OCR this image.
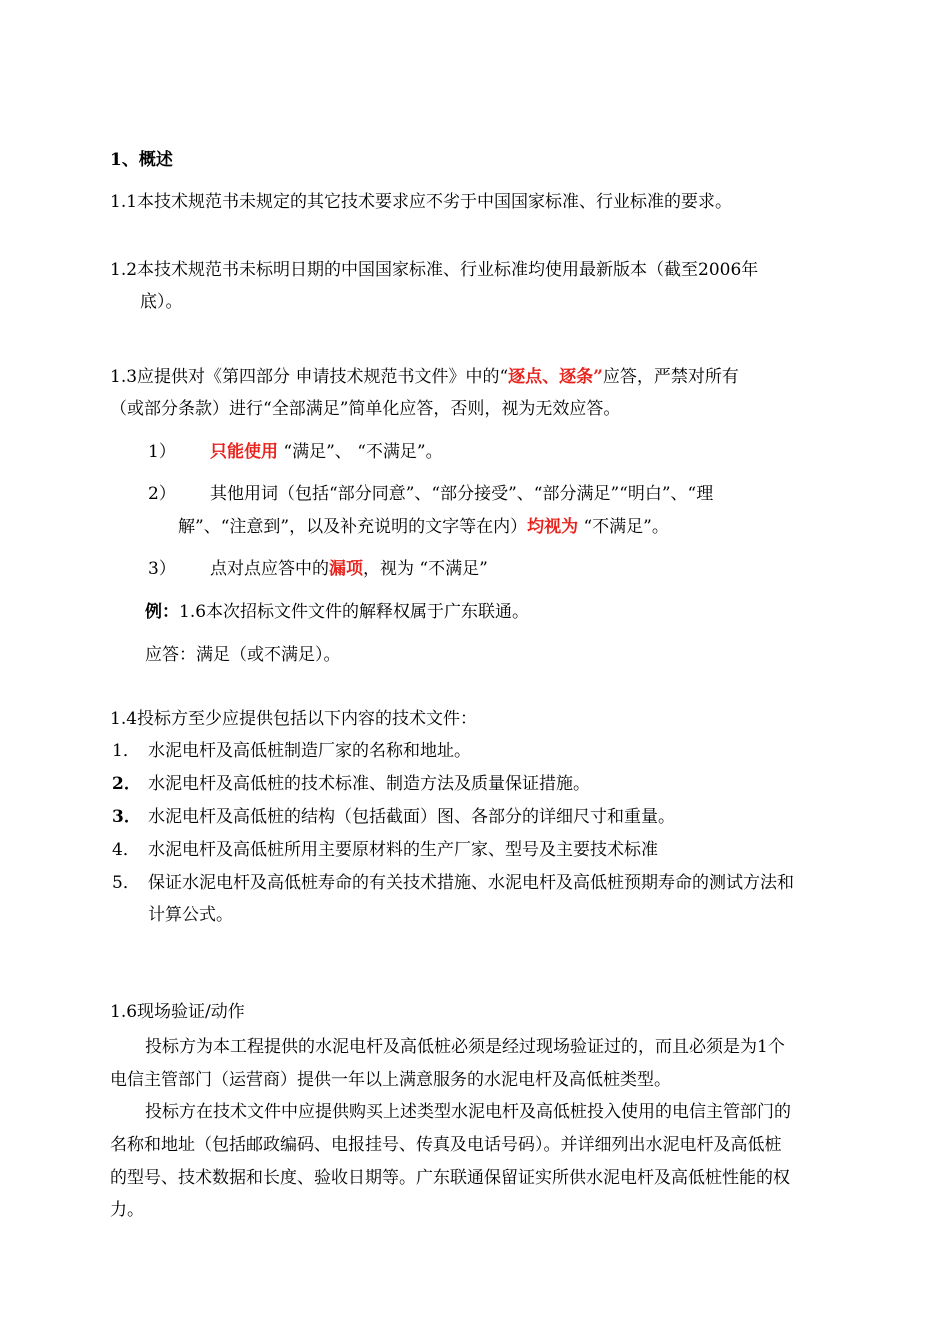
1、概述
1.1本技术规范书未规定的其它技术要求应不劣于中国国家标准、行业标准的要求。
1.2本技术规范书未标明日期的中国国家标准、行业标准均使用最新版本（截至2006年
底）。
1.3应提供对《第四部分 申请技术规范书文件》中的“逐点、逐条”应答，严禁对所有
（或部分条款）进行“全部满足”简单化应答，否则，视为无效应答。
1） 只能使用 “满足”、 “不满足”。
2） 其他用词（包括“部分同意”、“部分接受”、“部分满足”“明白”、“理
解”、“注意到”，以及补充说明的文字等在内）均视为 “不满足”。
3） 点对点应答中的漏项，视为 “不满足”
例：1.6本次招标文件文件的解释权属于广东联通。
应答：满足（或不满足）。
1.4投标方至少应提供包括以下内容的技术文件：
1． 水泥电杆及高低桩制造厂家的名称和地址。
2． 水泥电杆及高低桩的技术标准、制造方法及质量保证措施。
3． 水泥电杆及高低桩的结构（包括截面）图、各部分的详细尺寸和重量。
4． 水泥电杆及高低桩所用主要原材料的生产厂家、型号及主要技术标准
5． 保证水泥电杆及高低桩寿命的有关技术措施、水泥电杆及高低桩预期寿命的测试方法和
计算公式。
1.6现场验证/动作
投标方为本工程提供的水泥电杆及高低桩必须是经过现场验证过的，而且必须是为1个
电信主管部门（运营商）提供一年以上满意服务的水泥电杆及高低桩类型。
投标方在技术文件中应提供购买上述类型水泥电杆及高低桩投入使用的电信主管部门的
名称和地址（包括邮政编码、电报挂号、传真及电话号码）。并详细列出水泥电杆及高低桩
的型号、技术数据和长度、验收日期等。广东联通保留证实所供水泥电杆及高低桩性能的权
力。
